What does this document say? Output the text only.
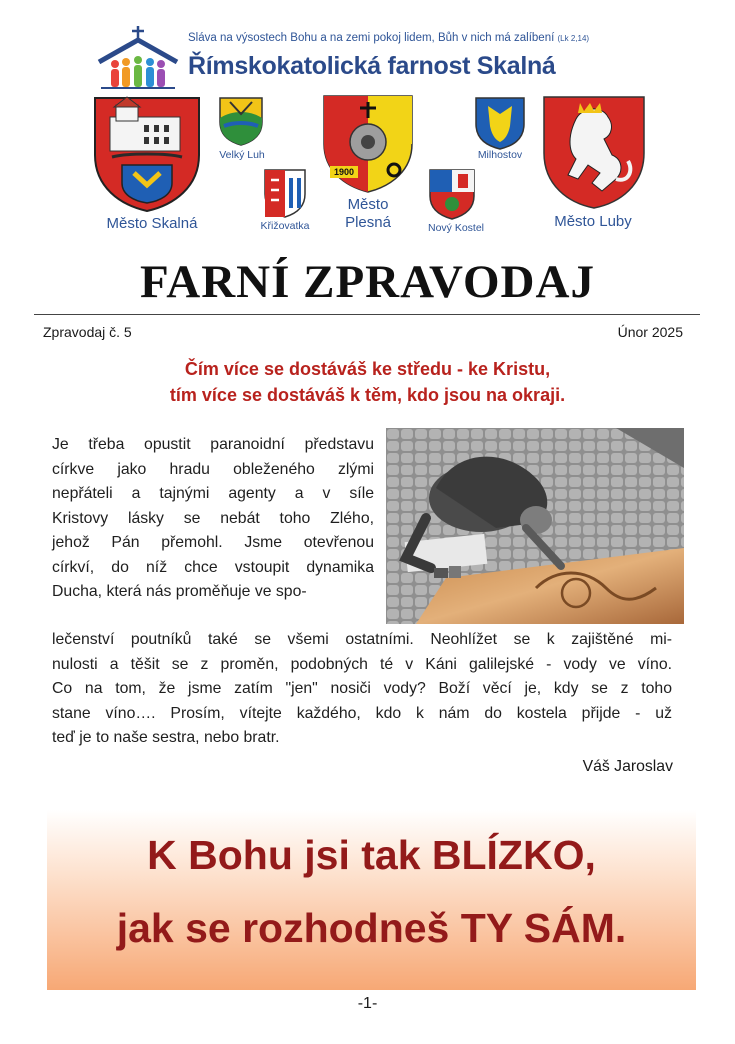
Sláva na výsostech Bohu a na zemi pokoj lidem, Bůh v nich má zalíbení (Lk 2,14)
Římskokatolická farnost Skalná
Město Skalná
Velký Luh
Křižovatka
1900
Město
Plesná
Milhostov
Nový Kostel	Město Luby
FARNÍ ZPRAVODAJ
Zpravodaj č. 5	Únor 2025
Čím více se dostáváš ke středu - ke Kristu,
tím více se dostáváš k těm, kdo jsou na okraji.
Je třeba opustit paranoidní představu
církve jako hradu obleženého zlými
nepřáteli a tajnými agenty a v síle
Kristovy lásky se nebát toho Zlého,
jehož Pán přemohl. Jsme otevřenou
církví, do níž chce vstoupit dynamika
Ducha, která nás proměňuje ve spo-
lečenství poutníků také se všemi ostatními. Neohlížet se k zajištěné mi-
nulosti a těšit se z proměn, podobných té v Káni galilejské - vody ve víno.
Co na tom, že jsme zatím "jen" nosiči vody? Boží věcí je, kdy se z toho
stane víno…. Prosím, vítejte každého, kdo k nám do kostela přijde - už
teď je to naše sestra, nebo bratr.
Váš Jaroslav
K Bohu jsi tak BLÍZKO,
jak se rozhodneš TY SÁM.
-1-
